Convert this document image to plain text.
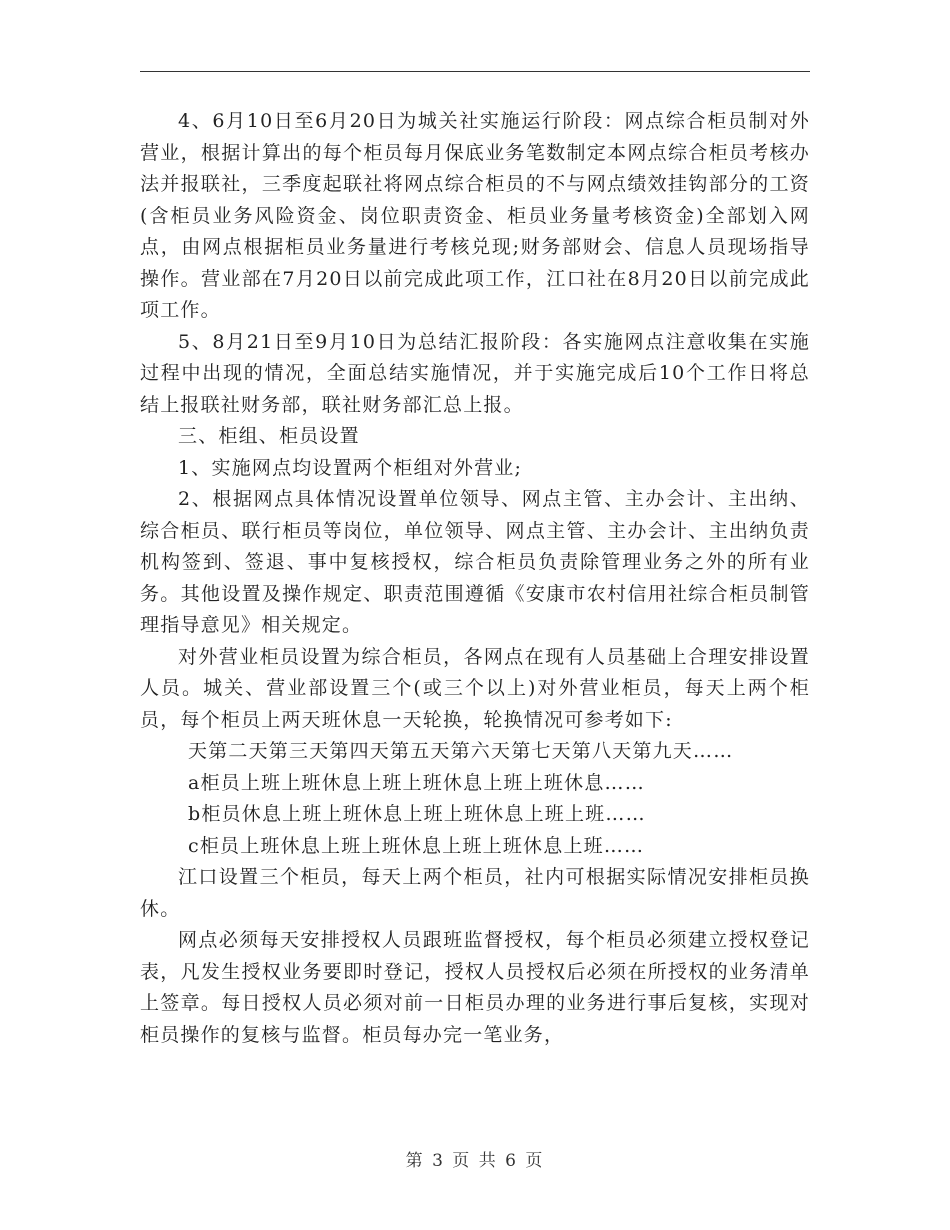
4、6月10日至6月20日为城关社实施运行阶段：网点综合柜员制对外营业，根据计算出的每个柜员每月保底业务笔数制定本网点综合柜员考核办法并报联社，三季度起联社将网点综合柜员的不与网点绩效挂钩部分的工资(含柜员业务风险资金、岗位职责资金、柜员业务量考核资金)全部划入网点，由网点根据柜员业务量进行考核兑现;财务部财会、信息人员现场指导操作。营业部在7月20日以前完成此项工作，江口社在8月20日以前完成此项工作。

5、8月21日至9月10日为总结汇报阶段：各实施网点注意收集在实施过程中出现的情况，全面总结实施情况，并于实施完成后10个工作日将总结上报联社财务部，联社财务部汇总上报。

三、柜组、柜员设置

1、实施网点均设置两个柜组对外营业;

2、根据网点具体情况设置单位领导、网点主管、主办会计、主出纳、综合柜员、联行柜员等岗位，单位领导、网点主管、主办会计、主出纳负责机构签到、签退、事中复核授权，综合柜员负责除管理业务之外的所有业务。其他设置及操作规定、职责范围遵循《安康市农村信用社综合柜员制管理指导意见》相关规定。

对外营业柜员设置为综合柜员，各网点在现有人员基础上合理安排设置人员。城关、营业部设置三个(或三个以上)对外营业柜员，每天上两个柜员，每个柜员上两天班休息一天轮换，轮换情况可参考如下:

天第二天第三天第四天第五天第六天第七天第八天第九天……

a柜员上班上班休息上班上班休息上班上班休息……

b柜员休息上班上班休息上班上班休息上班上班……

c柜员上班休息上班上班休息上班上班休息上班……

江口设置三个柜员，每天上两个柜员，社内可根据实际情况安排柜员换休。

网点必须每天安排授权人员跟班监督授权，每个柜员必须建立授权登记表，凡发生授权业务要即时登记，授权人员授权后必须在所授权的业务清单上签章。每日授权人员必须对前一日柜员办理的业务进行事后复核，实现对柜员操作的复核与监督。柜员每办完一笔业务，

第 3 页 共 6 页
